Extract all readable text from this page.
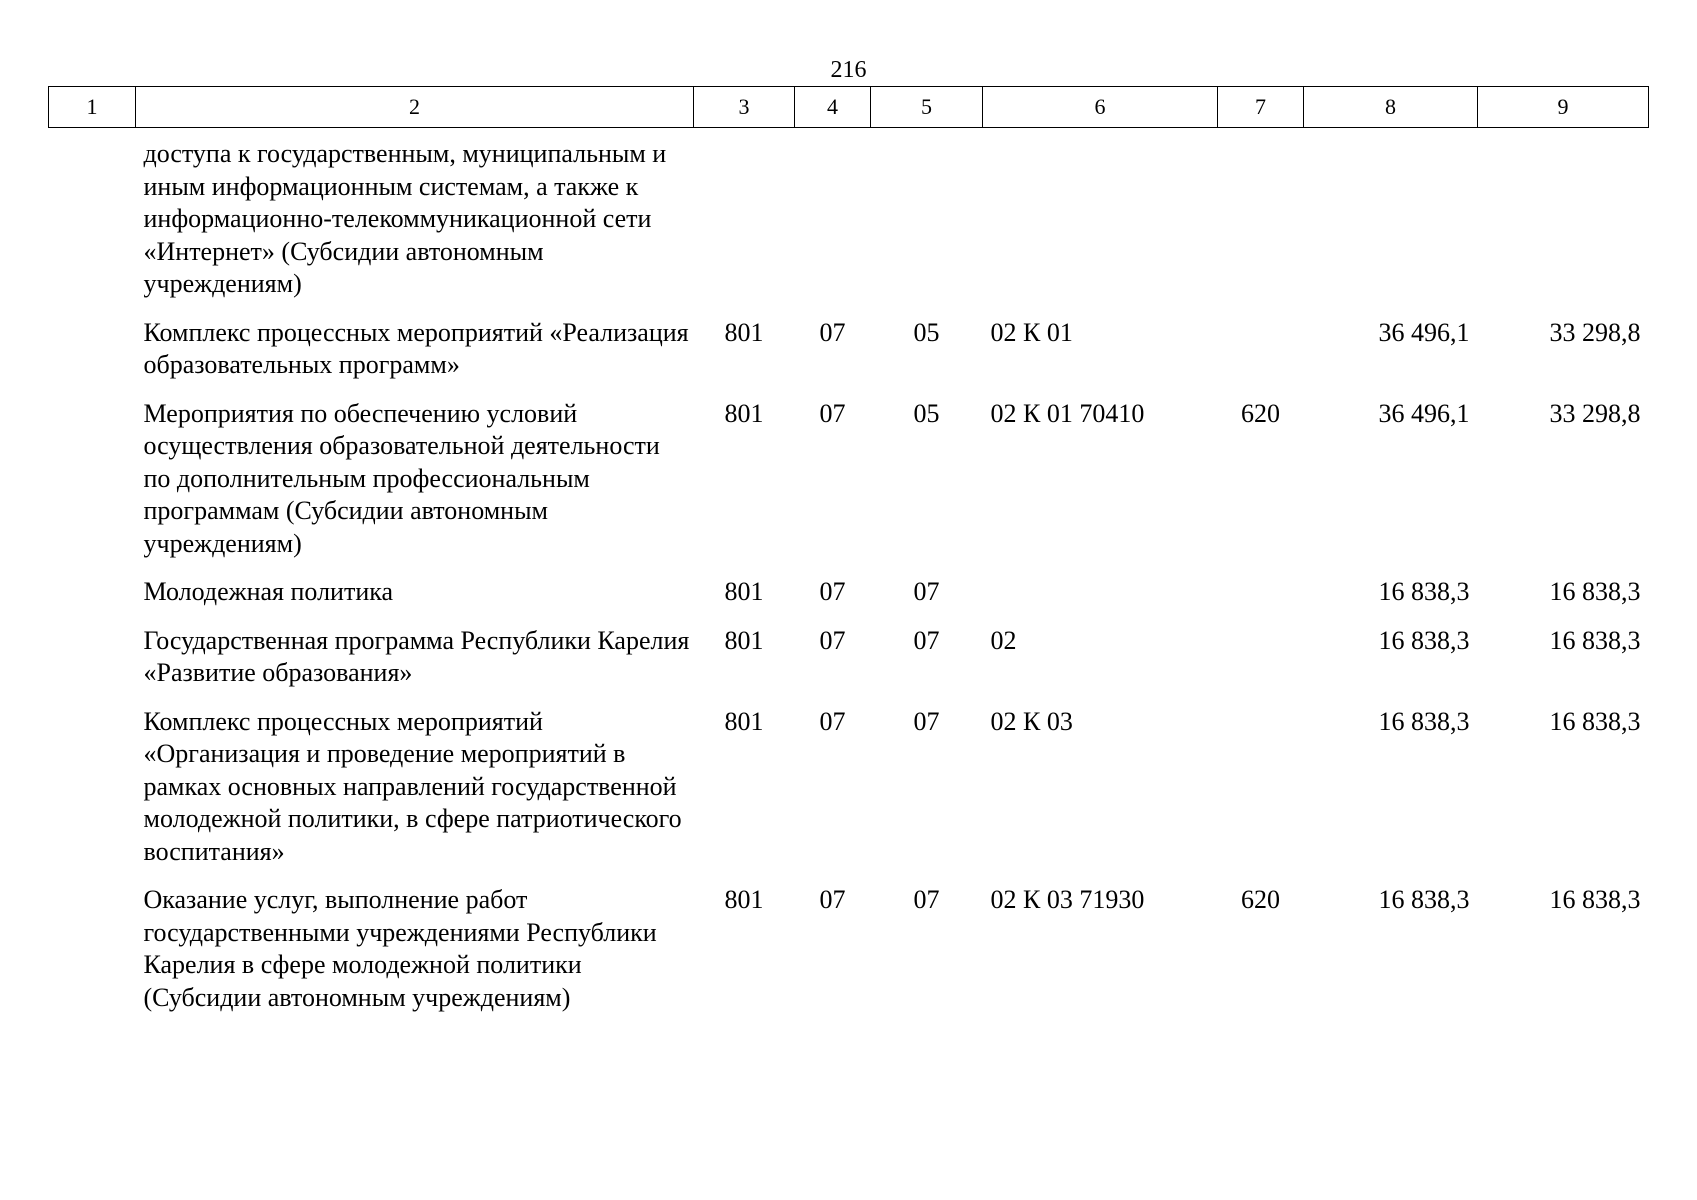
216
1	2	3	4	5	6	7	8	9
	доступа к государственным, муниципальным и иным информационным системам, а также к информационно-телекоммуникационной сети «Интернет» (Субсидии автономным учреждениям)							
	Комплекс процессных мероприятий «Реализация образовательных программ»	801	07	05	02 К 01		36 496,1	33 298,8
	Мероприятия по обеспечению условий осуществления образовательной деятельности по дополнительным профессиональным программам (Субсидии автономным учреждениям)	801	07	05	02 К 01 70410	620	36 496,1	33 298,8
	Молодежная политика	801	07	07			16 838,3	16 838,3
	Государственная программа Республики Карелия «Развитие образования»	801	07	07	02		16 838,3	16 838,3
	Комплекс процессных мероприятий «Организация и проведение мероприятий в рамках основных направлений государственной молодежной политики, в сфере патриотического воспитания»	801	07	07	02 К 03		16 838,3	16 838,3
	Оказание услуг, выполнение работ государственными учреждениями Республики Карелия в сфере молодежной политики (Субсидии автономным учреждениям)	801	07	07	02 К 03 71930	620	16 838,3	16 838,3
